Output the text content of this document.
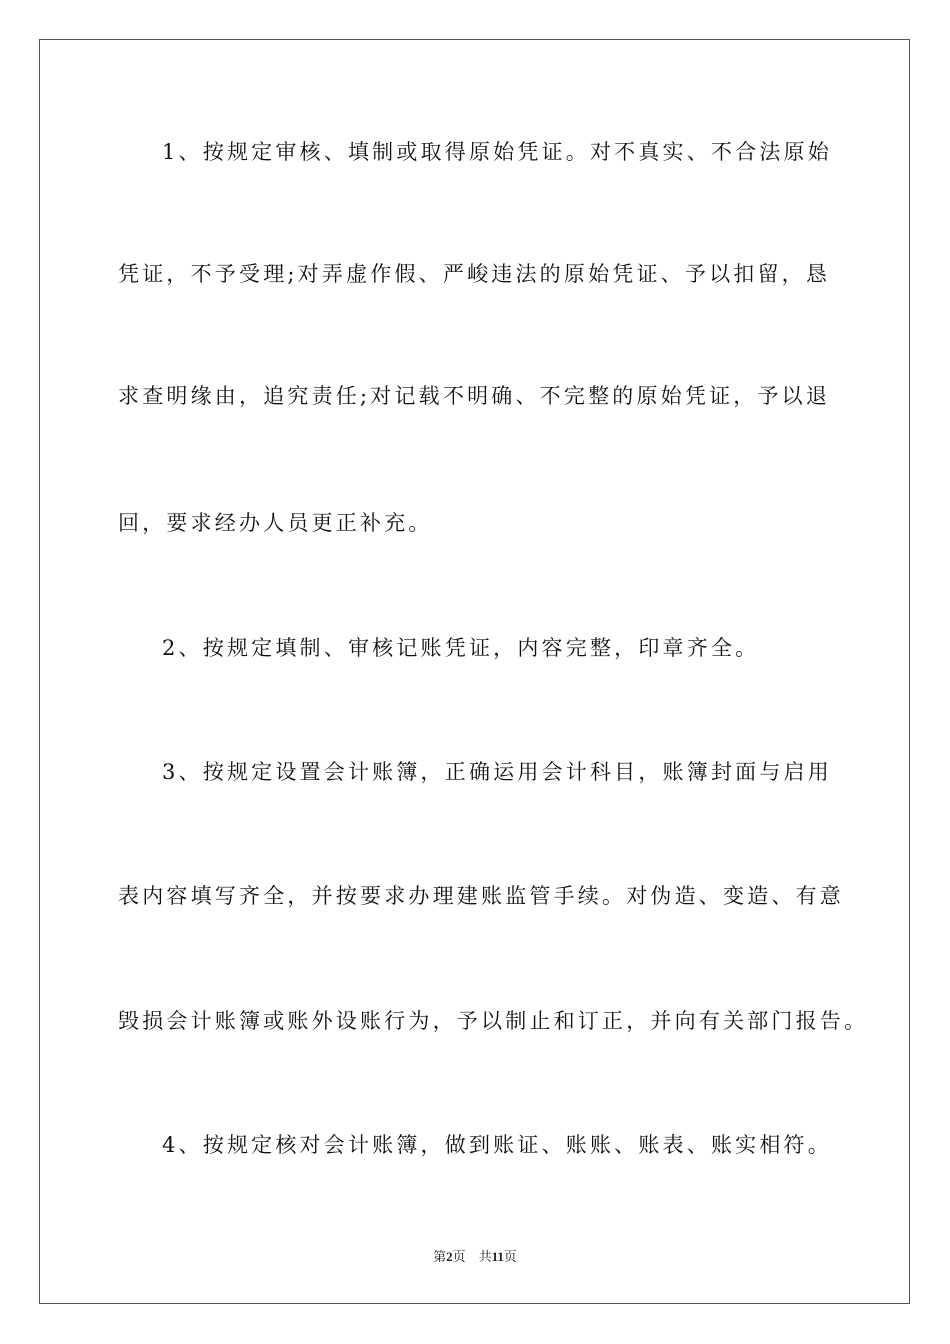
1、按规定审核、填制或取得原始凭证。对不真实、不合法原始
凭证，不予受理;对弄虚作假、严峻违法的原始凭证、予以扣留，恳
求查明缘由，追究责任;对记载不明确、不完整的原始凭证，予以退
回，要求经办人员更正补充。
2、按规定填制、审核记账凭证，内容完整，印章齐全。
3、按规定设置会计账簿，正确运用会计科目，账簿封面与启用
表内容填写齐全，并按要求办理建账监管手续。对伪造、变造、有意
毁损会计账簿或账外设账行为，予以制止和订正，并向有关部门报告。
4、按规定核对会计账簿，做到账证、账账、账表、账实相符。
第2页　共11页
